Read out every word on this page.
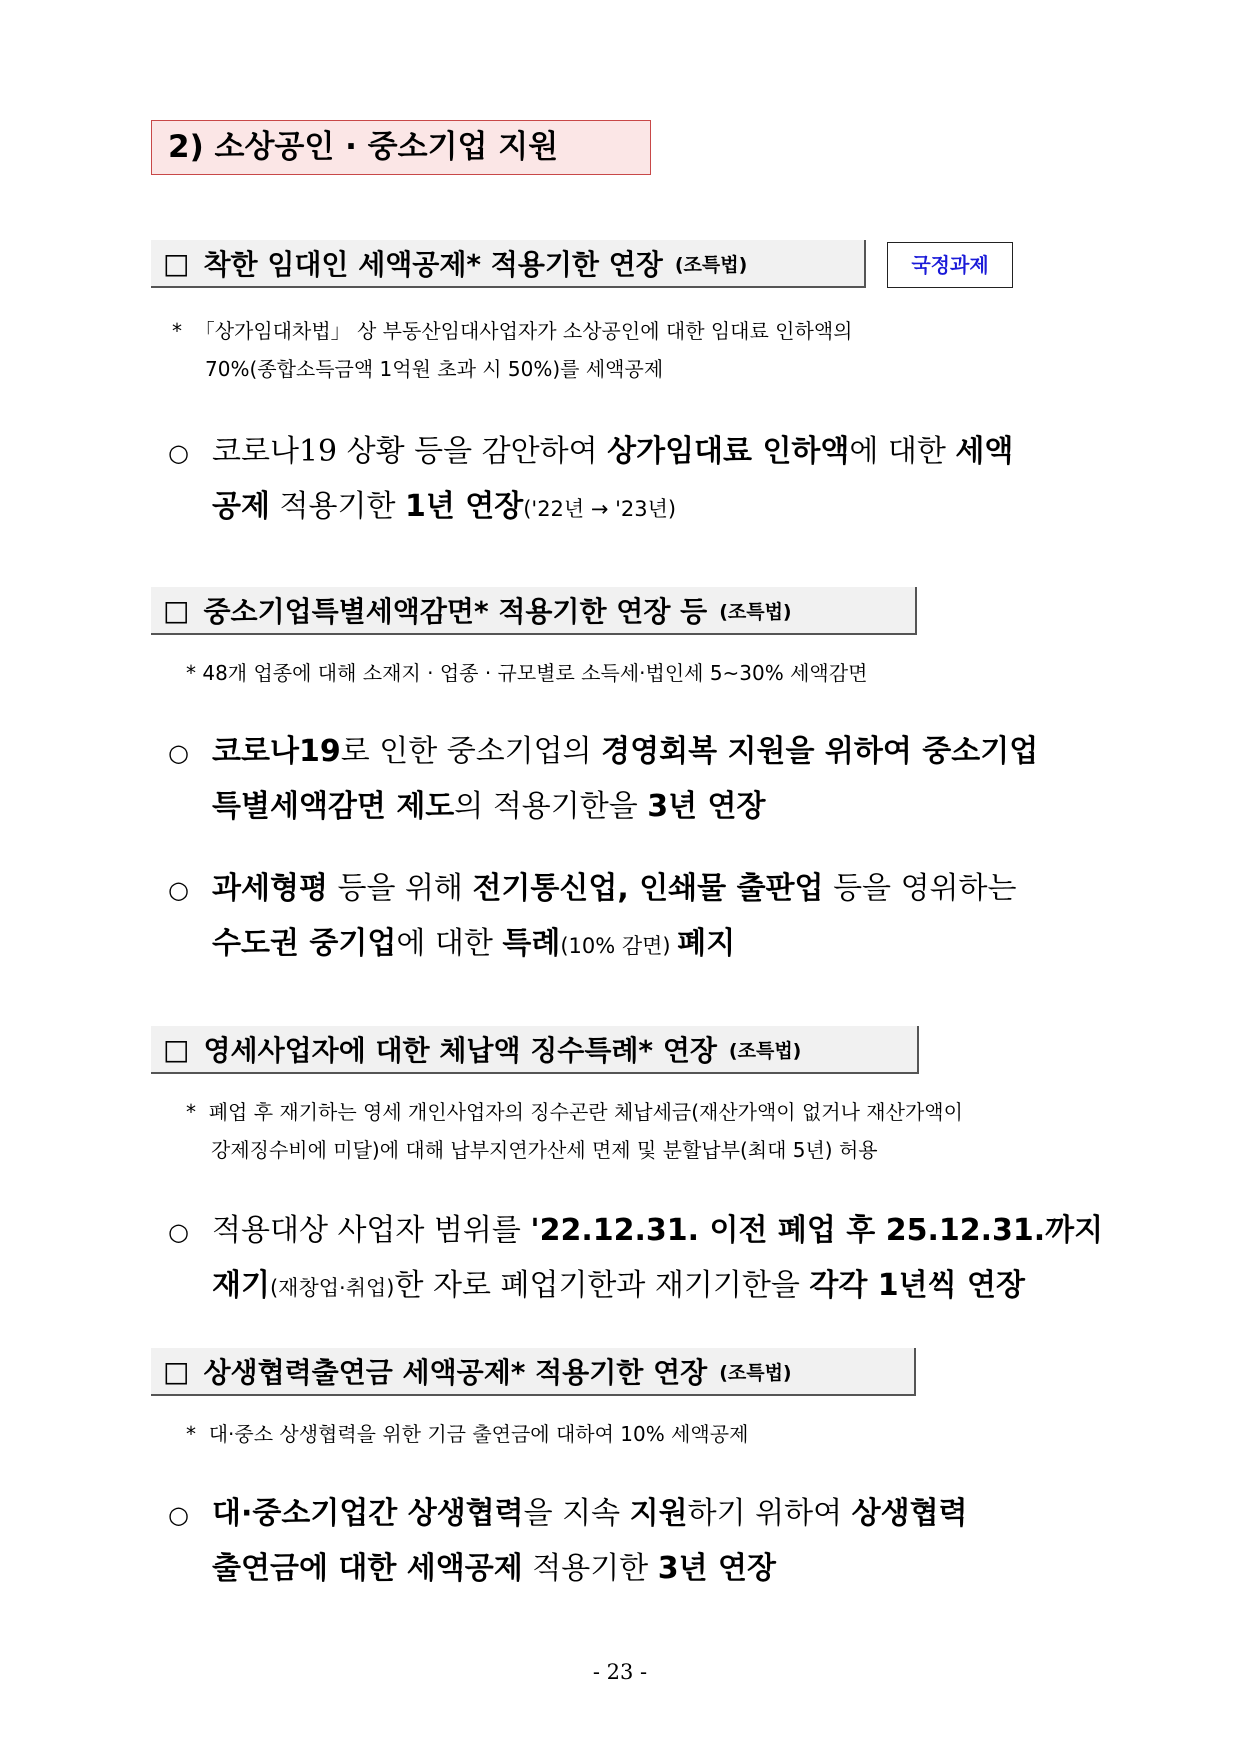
2) 소상공인 · 중소기업 지원
□ 착한 임대인 세액공제* 적용기한 연장 (조특법)	국정과제
* 「상가임대차법」 상 부동산임대사업자가 소상공인에 대한 임대료 인하액의
70%(종합소득금액 1억원 초과 시 50%)를 세액공제
○ 코로나19 상황 등을 감안하여 상가임대료 인하액에 대한 세액
공제 적용기한 1년 연장('22년 → '23년)
□ 중소기업특별세액감면* 적용기한 연장 등 (조특법)
* 48개 업종에 대해 소재지 · 업종 · 규모별로 소득세·법인세 5~30% 세액감면
○ 코로나19로 인한 중소기업의 경영회복 지원을 위하여 중소기업
특별세액감면 제도의 적용기한을 3년 연장
○ 과세형평 등을 위해 전기통신업, 인쇄물 출판업 등을 영위하는
수도권 중기업에 대한 특례(10% 감면) 폐지
□ 영세사업자에 대한 체납액 징수특례* 연장 (조특법)
* 폐업 후 재기하는 영세 개인사업자의 징수곤란 체납세금(재산가액이 없거나 재산가액이
강제징수비에 미달)에 대해 납부지연가산세 면제 및 분할납부(최대 5년) 허용
○ 적용대상 사업자 범위를 '22.12.31. 이전 폐업 후 25.12.31.까지
재기(재창업·취업)한 자로 폐업기한과 재기기한을 각각 1년씩 연장
□ 상생협력출연금 세액공제* 적용기한 연장 (조특법)
* 대·중소 상생협력을 위한 기금 출연금에 대하여 10% 세액공제
○ 대·중소기업간 상생협력을 지속 지원하기 위하여 상생협력
출연금에 대한 세액공제 적용기한 3년 연장
- 23 -
